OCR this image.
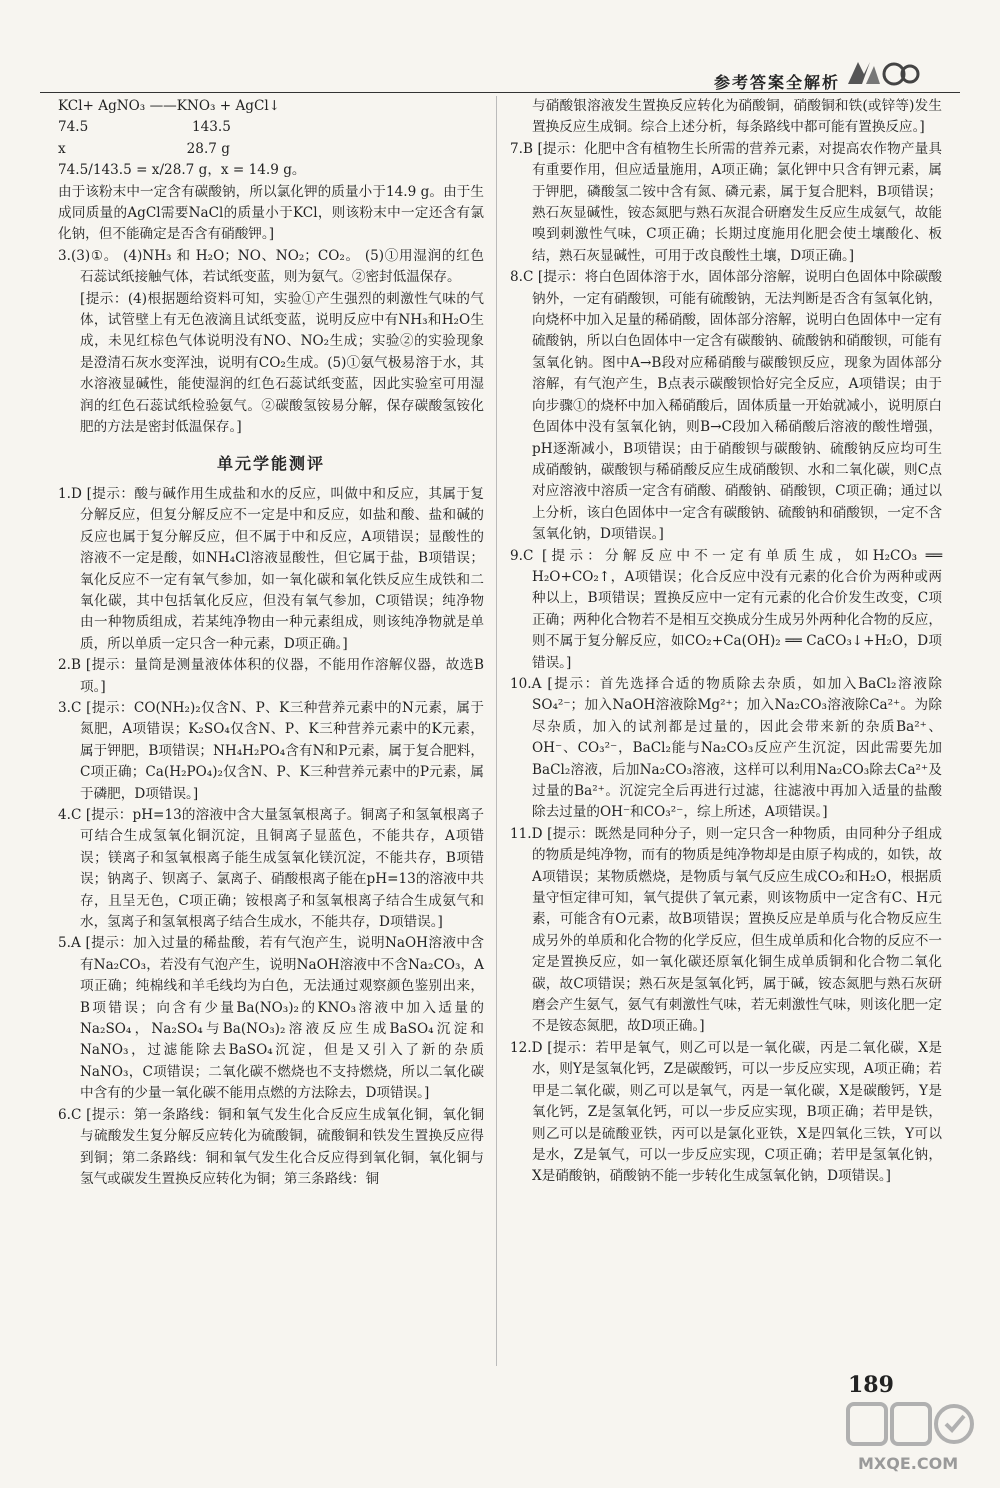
参考答案全解析

KCl+ AgNO₃ ——KNO₃ + AgCl↓

74.5                        143.5

x                            28.7 g

74.5/143.5 = x/28.7 g，x = 14.9 g。

由于该粉末中一定含有碳酸钠，所以氯化钾的质量小于14.9 g。由于生成同质量的AgCl需要NaCl的质量小于KCl，则该粉末中一定还含有氯化钠，但不能确定是否含有硝酸钾。]

3.(3)①。 (4)NH₃ 和 H₂O；NO、NO₂；CO₂。 (5)①用湿润的红色石蕊试纸接触气体，若试纸变蓝，则为氨气。②密封低温保存。

[提示：(4)根据题给资料可知，实验①产生强烈的刺激性气味的气体，试管壁上有无色液滴且试纸变蓝，说明反应中有NH₃和H₂O生成，未见红棕色气体说明没有NO、NO₂生成；实验②的实验现象是澄清石灰水变浑浊，说明有CO₂生成。(5)①氨气极易溶于水，其水溶液显碱性，能使湿润的红色石蕊试纸变蓝，因此实验室可用湿润的红色石蕊试纸检验氨气。②碳酸氢铵易分解，保存碳酸氢铵化肥的方法是密封低温保存。]

单元学能测评

1.D [提示：酸与碱作用生成盐和水的反应，叫做中和反应，其属于复分解反应，但复分解反应不一定是中和反应，如盐和酸、盐和碱的反应也属于复分解反应，但不属于中和反应，A项错误；显酸性的溶液不一定是酸，如NH₄Cl溶液显酸性，但它属于盐，B项错误；氧化反应不一定有氧气参加，如一氧化碳和氧化铁反应生成铁和二氧化碳，其中包括氧化反应，但没有氧气参加，C项错误；纯净物由一种物质组成，若某纯净物由一种元素组成，则该纯净物就是单质，所以单质一定只含一种元素，D项正确。]

2.B [提示：量筒是测量液体体积的仪器，不能用作溶解仪器，故选B项。]

3.C [提示：CO(NH₂)₂仅含N、P、K三种营养元素中的N元素，属于氮肥，A项错误；K₂SO₄仅含N、P、K三种营养元素中的K元素，属于钾肥，B项错误；NH₄H₂PO₄含有N和P元素，属于复合肥料，C项正确；Ca(H₂PO₄)₂仅含N、P、K三种营养元素中的P元素，属于磷肥，D项错误。]

4.C [提示：pH=13的溶液中含大量氢氧根离子。铜离子和氢氧根离子可结合生成氢氧化铜沉淀，且铜离子显蓝色，不能共存，A项错误；镁离子和氢氧根离子能生成氢氧化镁沉淀，不能共存，B项错误；钠离子、钡离子、氯离子、硝酸根离子能在pH=13的溶液中共存，且呈无色，C项正确；铵根离子和氢氧根离子结合生成氨气和水，氢离子和氢氧根离子结合生成水，不能共存，D项错误。]

5.A [提示：加入过量的稀盐酸，若有气泡产生，说明NaOH溶液中含有Na₂CO₃，若没有气泡产生，说明NaOH溶液中不含Na₂CO₃，A项正确；纯棉线和羊毛线均为白色，无法通过观察颜色鉴别出来，B项错误；向含有少量Ba(NO₃)₂的KNO₃溶液中加入适量的Na₂SO₄，Na₂SO₄与Ba(NO₃)₂溶液反应生成BaSO₄沉淀和NaNO₃，过滤能除去BaSO₄沉淀，但是又引入了新的杂质NaNO₃，C项错误；二氧化碳不燃烧也不支持燃烧，所以二氧化碳中含有的少量一氧化碳不能用点燃的方法除去，D项错误。]

6.C [提示：第一条路线：铜和氧气发生化合反应生成氧化铜，氧化铜与硫酸发生复分解反应转化为硫酸铜，硫酸铜和铁发生置换反应得到铜；第二条路线：铜和氧气发生化合反应得到氧化铜，氧化铜与氢气或碳发生置换反应转化为铜；第三条路线：铜

与硝酸银溶液发生置换反应转化为硝酸铜，硝酸铜和铁(或锌等)发生置换反应生成铜。综合上述分析，每条路线中都可能有置换反应。]

7.B [提示：化肥中含有植物生长所需的营养元素，对提高农作物产量具有重要作用，但应适量施用，A项正确；氯化钾中只含有钾元素，属于钾肥，磷酸氢二铵中含有氮、磷元素，属于复合肥料，B项错误；熟石灰显碱性，铵态氮肥与熟石灰混合研磨发生反应生成氨气，故能嗅到刺激性气味，C项正确；长期过度施用化肥会使土壤酸化、板结，熟石灰显碱性，可用于改良酸性土壤，D项正确。]

8.C [提示：将白色固体溶于水，固体部分溶解，说明白色固体中除碳酸钠外，一定有硝酸钡，可能有硫酸钠，无法判断是否含有氢氧化钠，向烧杯中加入足量的稀硝酸，固体部分溶解，说明白色固体中一定有硫酸钠，所以白色固体中一定含有碳酸钠、硫酸钠和硝酸钡，可能有氢氧化钠。图中A→B段对应稀硝酸与碳酸钡反应，现象为固体部分溶解，有气泡产生，B点表示碳酸钡恰好完全反应，A项错误；由于向步骤①的烧杯中加入稀硝酸后，固体质量一开始就减小，说明原白色固体中没有氢氧化钠，则B→C段加入稀硝酸后溶液的酸性增强，pH逐渐减小，B项错误；由于硝酸钡与碳酸钠、硫酸钠反应均可生成硝酸钠，碳酸钡与稀硝酸反应生成硝酸钡、水和二氧化碳，则C点对应溶液中溶质一定含有硝酸、硝酸钠、硝酸钡，C项正确；通过以上分析，该白色固体中一定含有碳酸钠、硫酸钠和硝酸钡，一定不含氢氧化钠，D项错误。]

9.C [提示：分解反应中不一定有单质生成，如H₂CO₃ ══ H₂O+CO₂↑，A项错误；化合反应中没有元素的化合价为两种或两种以上，B项错误；置换反应中一定有元素的化合价发生改变，C项正确；两种化合物若不是相互交换成分生成另外两种化合物的反应，则不属于复分解反应，如CO₂+Ca(OH)₂ ══ CaCO₃↓+H₂O，D项错误。]

10.A [提示：首先选择合适的物质除去杂质，如加入BaCl₂溶液除SO₄²⁻；加入NaOH溶液除Mg²⁺；加入Na₂CO₃溶液除Ca²⁺。为除尽杂质，加入的试剂都是过量的，因此会带来新的杂质Ba²⁺、OH⁻、CO₃²⁻，BaCl₂能与Na₂CO₃反应产生沉淀，因此需要先加BaCl₂溶液，后加Na₂CO₃溶液，这样可以利用Na₂CO₃除去Ca²⁺及过量的Ba²⁺。沉淀完全后再进行过滤，往滤液中再加入适量的盐酸除去过量的OH⁻和CO₃²⁻，综上所述，A项错误。]

11.D [提示：既然是同种分子，则一定只含一种物质，由同种分子组成的物质是纯净物，而有的物质是纯净物却是由原子构成的，如铁，故A项错误；某物质燃烧，是物质与氧气反应生成CO₂和H₂O，根据质量守恒定律可知，氧气提供了氧元素，则该物质中一定含有C、H元素，可能含有O元素，故B项错误；置换反应是单质与化合物反应生成另外的单质和化合物的化学反应，但生成单质和化合物的反应不一定是置换反应，如一氧化碳还原氧化铜生成单质铜和化合物二氧化碳，故C项错误；熟石灰是氢氧化钙，属于碱，铵态氮肥与熟石灰研磨会产生氨气，氨气有刺激性气味，若无刺激性气味，则该化肥一定不是铵态氮肥，故D项正确。]

12.D [提示：若甲是氧气，则乙可以是一氧化碳，丙是二氧化碳，X是水，则Y是氢氧化钙，Z是碳酸钙，可以一步反应实现，A项正确；若甲是二氧化碳，则乙可以是氧气，丙是一氧化碳，X是碳酸钙，Y是氧化钙，Z是氢氧化钙，可以一步反应实现，B项正确；若甲是铁，则乙可以是硫酸亚铁，丙可以是氯化亚铁，X是四氧化三铁，Y可以是水，Z是氧气，可以一步反应实现，C项正确；若甲是氢氧化钠，X是硝酸钠，硝酸钠不能一步转化生成氢氧化钠，D项错误。]

189
MXQE.COM
